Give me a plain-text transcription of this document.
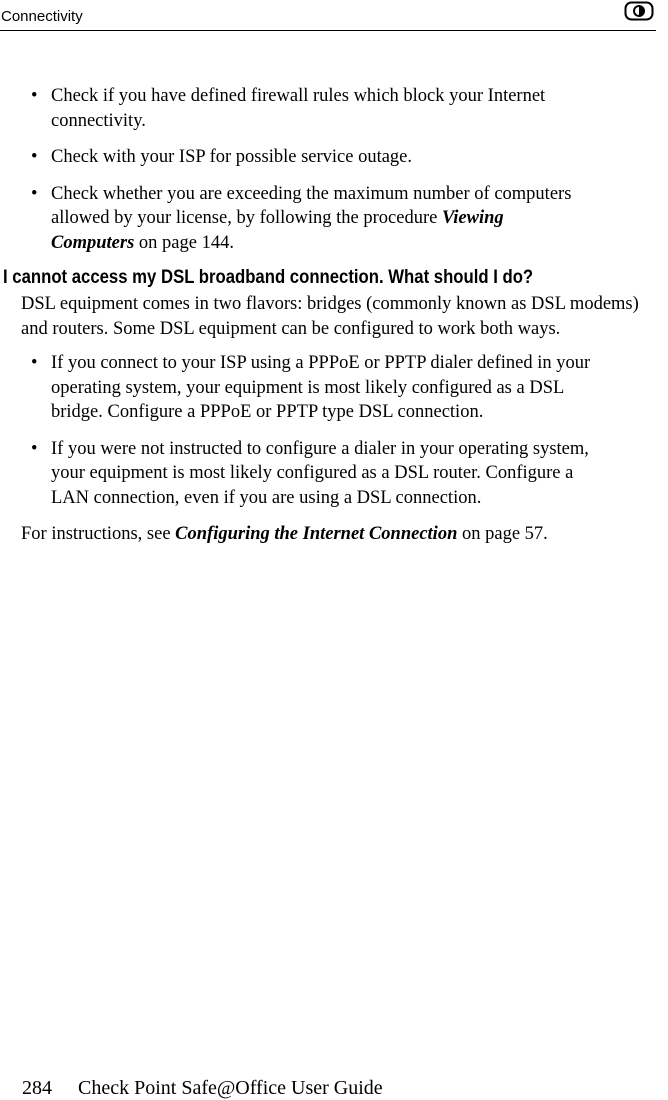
Connectivity
• Check if you have defined firewall rules which block your Internet connectivity.
• Check with your ISP for possible service outage.
• Check whether you are exceeding the maximum number of computers allowed by your license, by following the procedure Viewing Computers on page 144.
I cannot access my DSL broadband connection. What should I do?
DSL equipment comes in two flavors: bridges (commonly known as DSL modems) and routers. Some DSL equipment can be configured to work both ways.
• If you connect to your ISP using a PPPoE or PPTP dialer defined in your operating system, your equipment is most likely configured as a DSL bridge. Configure a PPPoE or PPTP type DSL connection.
• If you were not instructed to configure a dialer in your operating system, your equipment is most likely configured as a DSL router. Configure a LAN connection, even if you are using a DSL connection.
For instructions, see Configuring the Internet Connection on page 57.
284 Check Point Safe@Office User Guide
